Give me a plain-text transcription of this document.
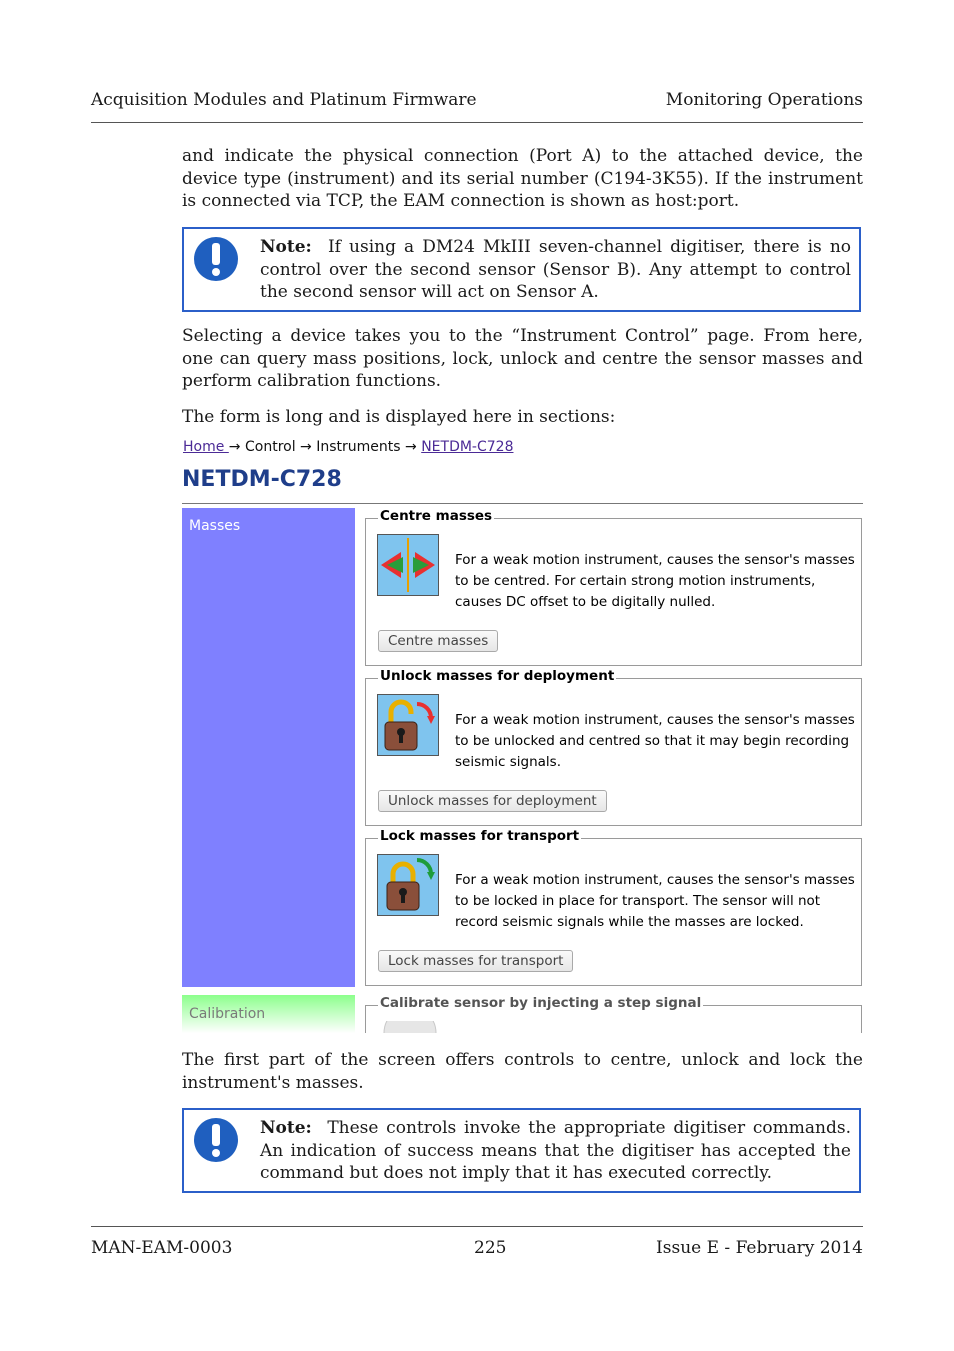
Acquisition Modules and Platinum Firmware	Monitoring Operations

and indicate the physical connection (Port A) to the attached device, the device type (instrument) and its serial number (C194-3K55). If the instrument is connected via TCP, the EAM connection is shown as host:port.

Note: If using a DM24 MkIII seven-channel digitiser, there is no control over the second sensor (Sensor B). Any attempt to control the second sensor will act on Sensor A.

Selecting a device takes you to the “Instrument Control” page. From here, one can query mass positions, lock, unlock and centre the sensor masses and perform calibration functions.

The form is long and is displayed here in sections:

Home → Control → Instruments → NETDM-C728
NETDM-C728
Masses
Calibration
Centre masses

For a weak motion instrument, causes the sensor's masses to be centred. For certain strong motion instruments, causes DC offset to be digitally nulled.

Centre masses
Unlock masses for deployment

For a weak motion instrument, causes the sensor's masses to be unlocked and centred so that it may begin recording seismic signals.

Unlock masses for deployment
Lock masses for transport

For a weak motion instrument, causes the sensor's masses to be locked in place for transport. The sensor will not record seismic signals while the masses are locked.

Lock masses for transport
Calibrate sensor by injecting a step signal

The first part of the screen offers controls to centre, unlock and lock the instrument's masses.

Note: These controls invoke the appropriate digitiser commands. An indication of success means that the digitiser has accepted the command but does not imply that it has executed correctly.

MAN-EAM-0003	225	Issue E - February 2014
